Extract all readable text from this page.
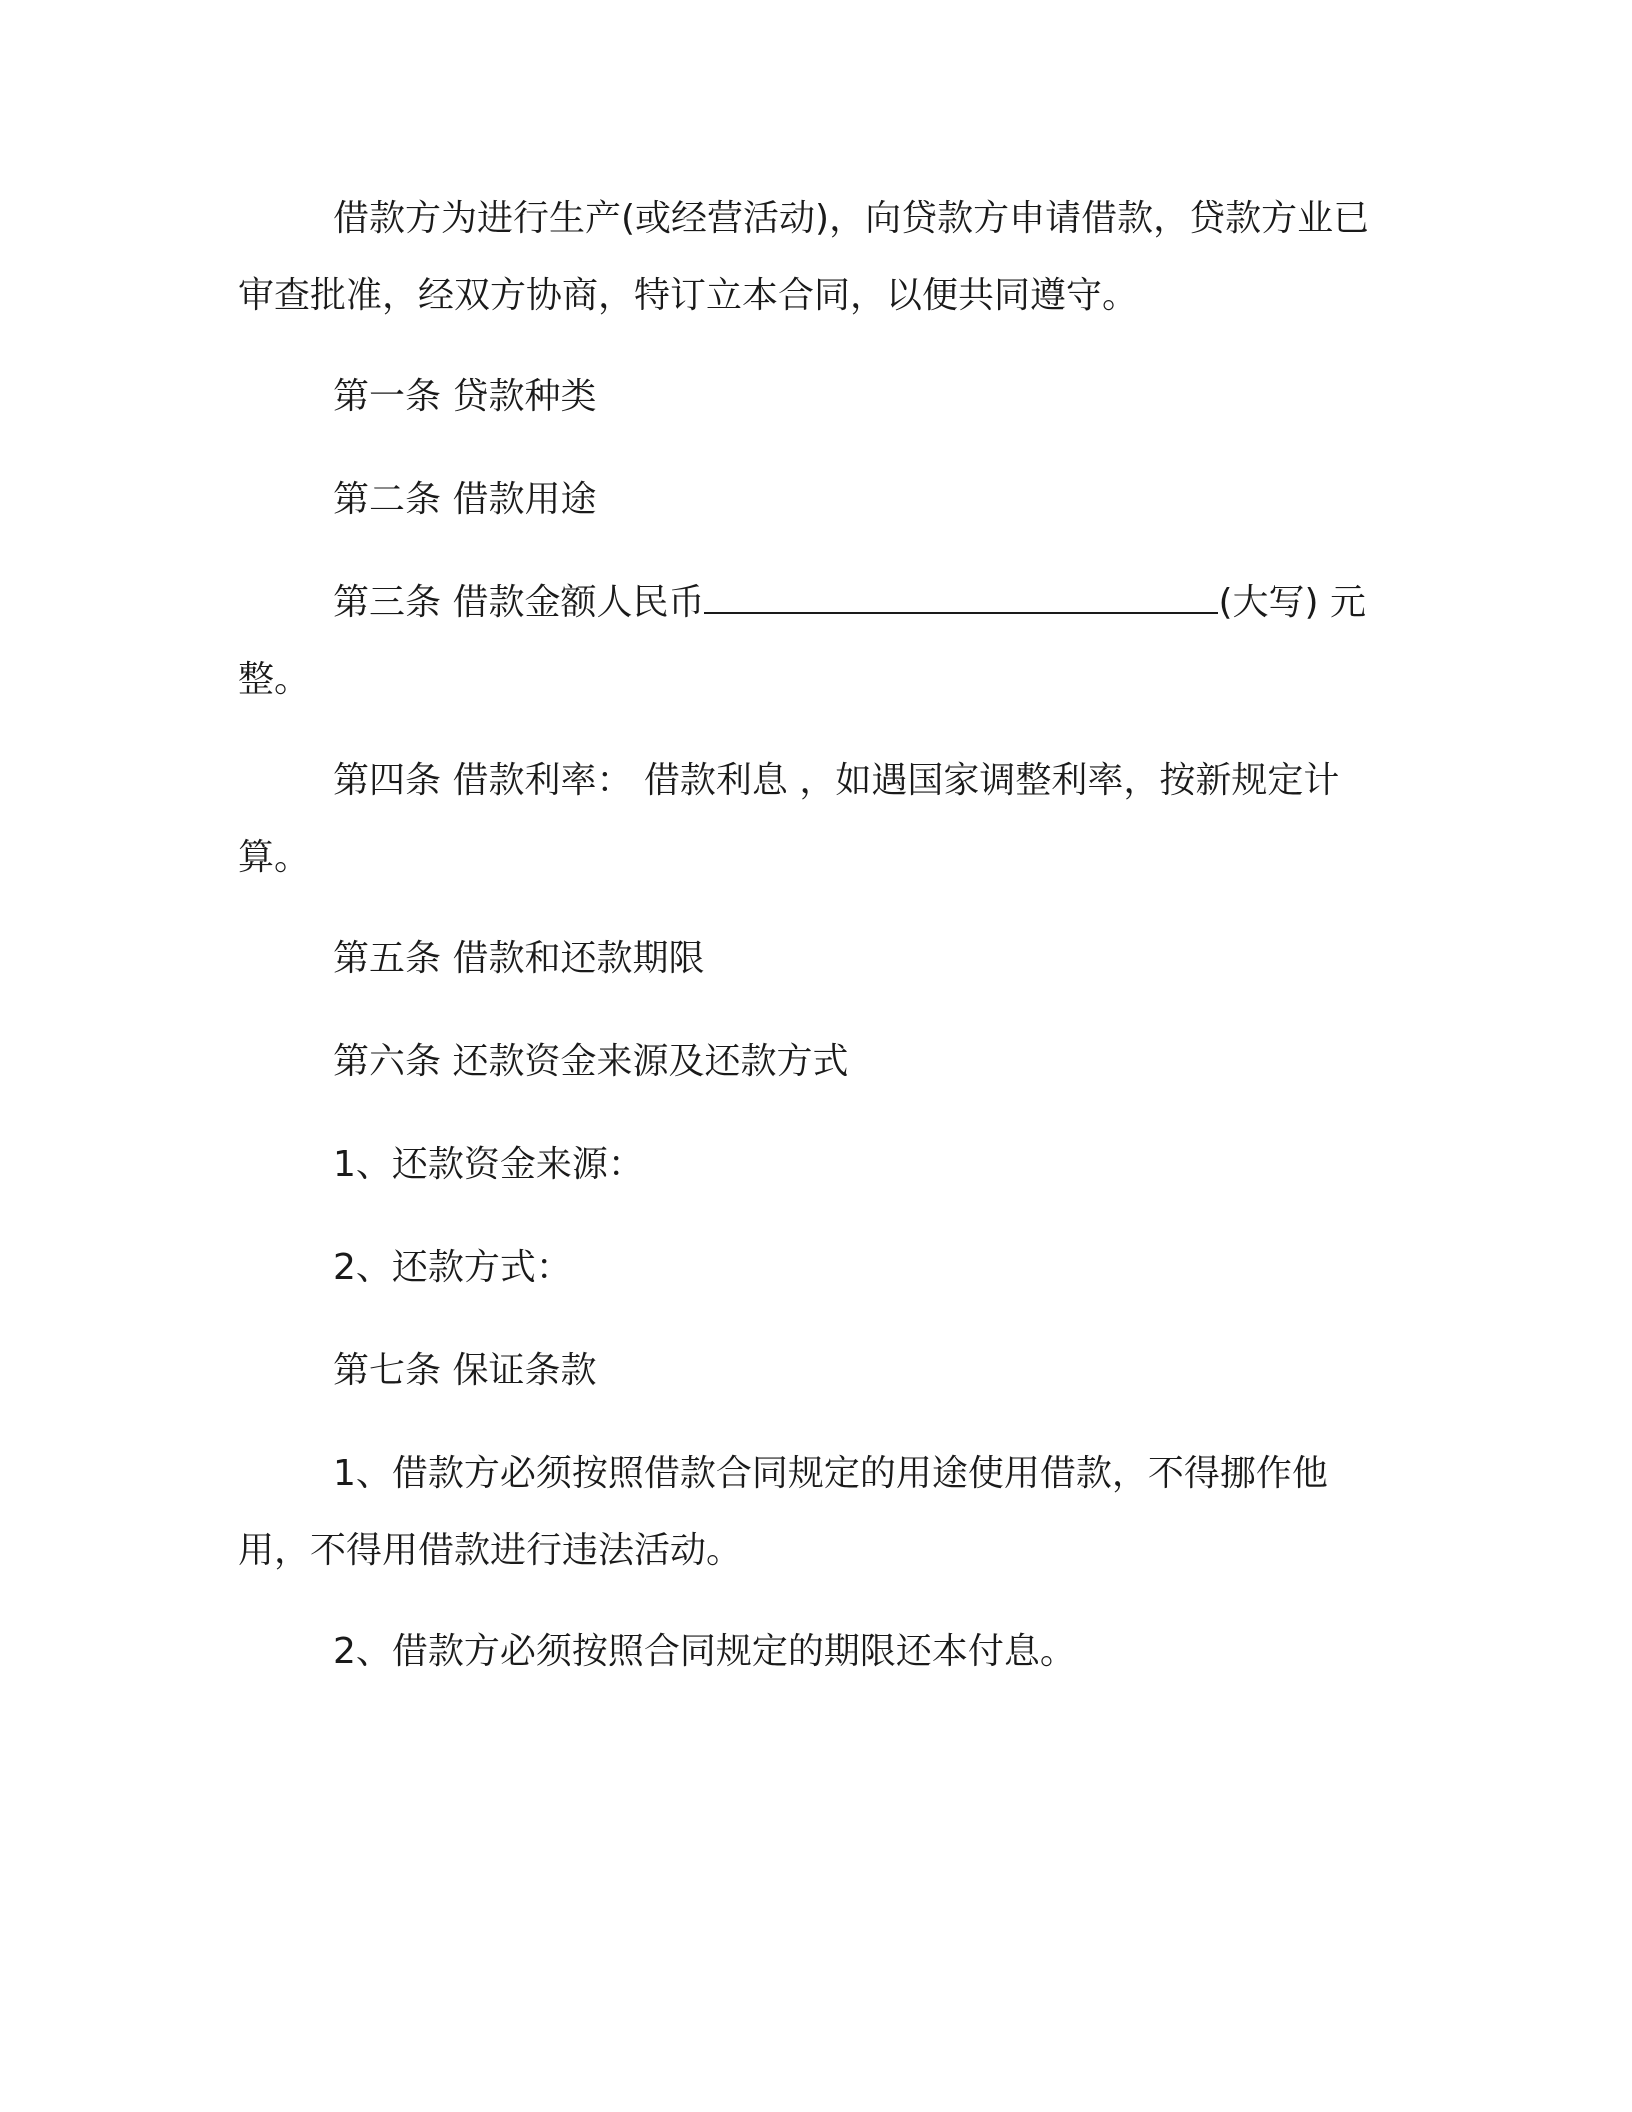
借款方为进行生产(或经营活动)，向贷款方申请借款，贷款方业已审查批准，经双方协商，特订立本合同，以便共同遵守。

第一条 贷款种类

第二条 借款用途

第三条 借款金额人民币	(大写) 元整。

第四条 借款利率： 借款利息 ，如遇国家调整利率，按新规定计算。

第五条 借款和还款期限

第六条 还款资金来源及还款方式

1、还款资金来源：

2、还款方式：

第七条 保证条款

1、借款方必须按照借款合同规定的用途使用借款，不得挪作他用，不得用借款进行违法活动。

2、借款方必须按照合同规定的期限还本付息。
